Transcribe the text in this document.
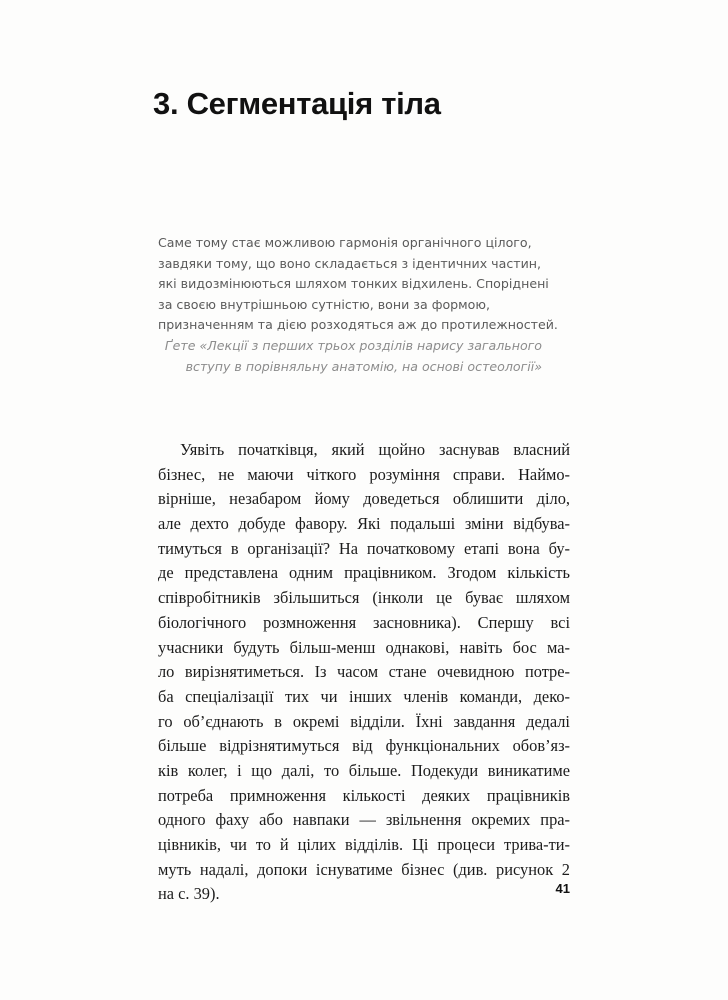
3. Сегментація тіла
Саме тому стає можливою гармонія органічного цілого,
завдяки тому, що воно складається з ідентичних частин,
які видозмінюються шляхом тонких відхилень. Споріднені
за своєю внутрішньою сутністю, вони за формою,
призначенням та дією розходяться аж до протилежностей.
Ґете «Лекції з перших трьох розділів нарису загального
вступу в порівняльну анатомію, на основі остеології»
Уявіть початківця, який щойно заснував власний
бізнес, не маючи чіткого розуміння справи. Наймо-
вірніше, незабаром йому доведеться облишити діло,
але дехто добуде фавору. Які подальші зміни відбува-
тимуться в організації? На початковому етапі вона бу-
де представлена одним працівником. Згодом кількість
співробітників збільшиться (інколи це буває шляхом
біологічного розмноження засновника). Спершу всі
учасники будуть більш-менш однакові, навіть бос ма-
ло вирізнятиметься. Із часом стане очевидною потре-
ба спеціалізації тих чи інших членів команди, деко-
го об’єднають в окремі відділи. Їхні завдання дедалі
більше відрізнятимуться від функціональних обов’яз-
ків колег, і що далі, то більше. Подекуди виникатиме
потреба примноження кількості деяких працівників
одного фаху або навпаки — звільнення окремих пра-
цівників, чи то й цілих відділів. Ці процеси трива-ти-
муть надалі, допоки існуватиме бізнес (див. рисунок 2
на с. 39).	41
